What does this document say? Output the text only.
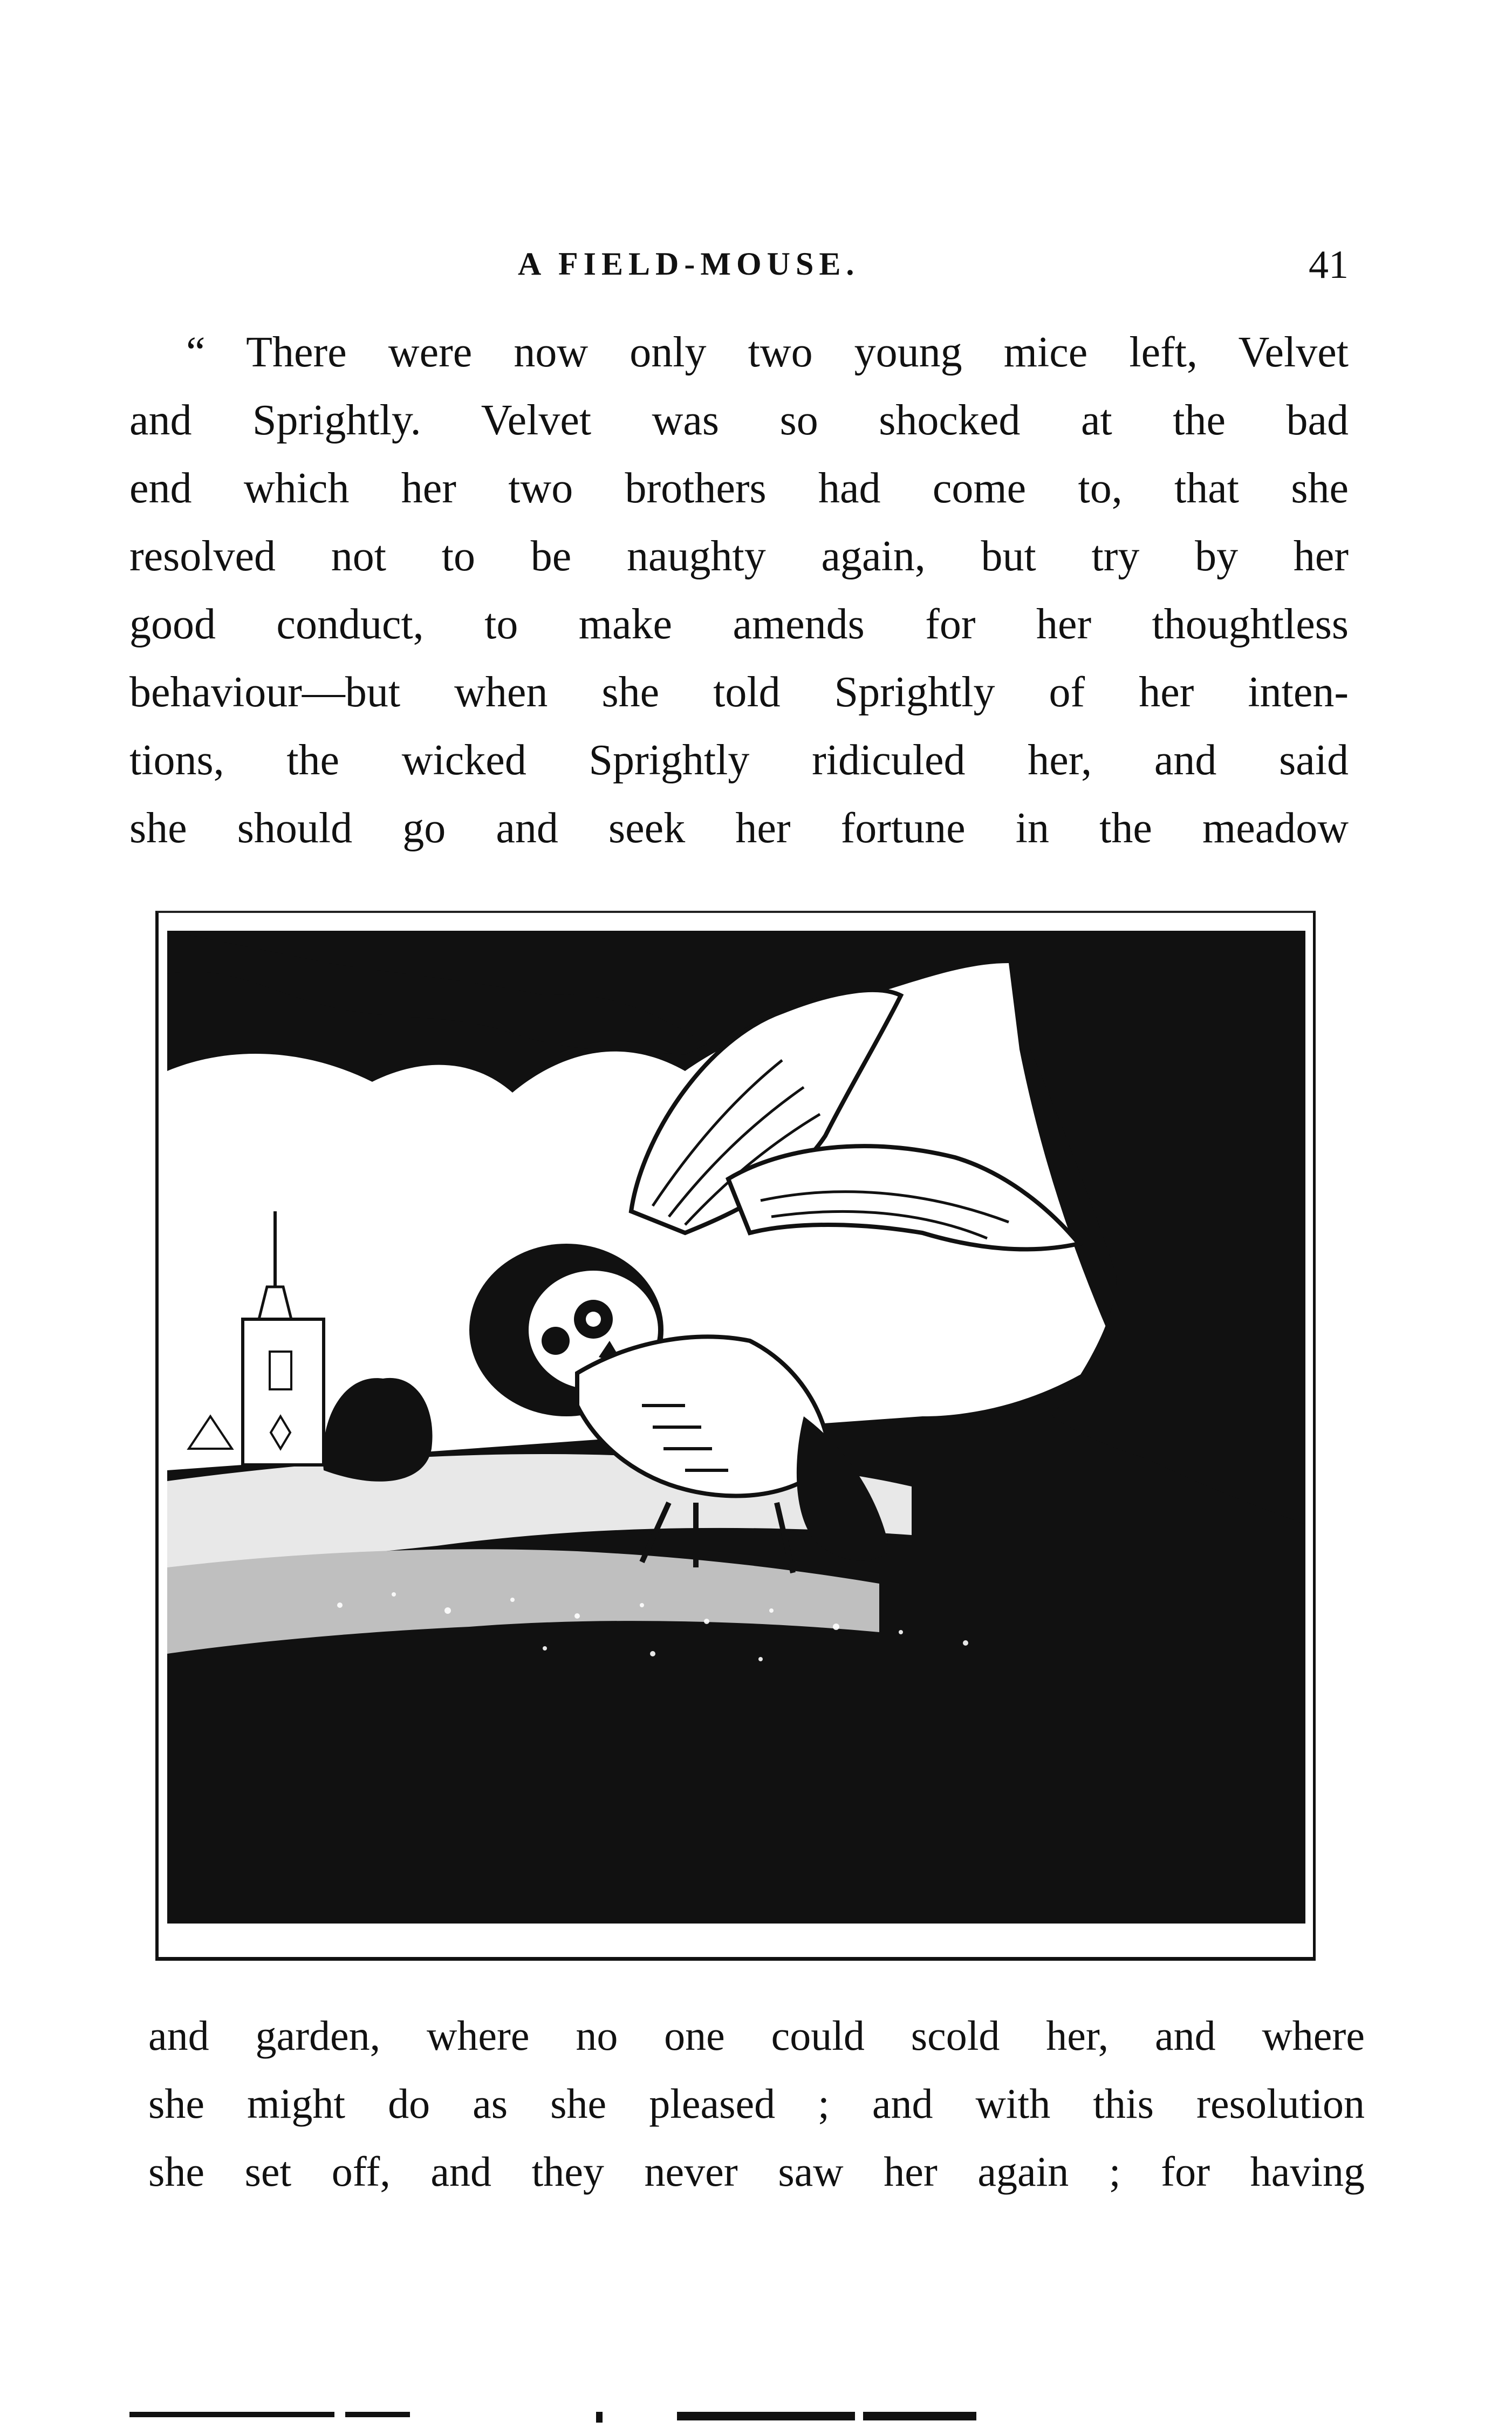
A FIELD-MOUSE.	41
“ There were now only two young mice left, Velvet
and Sprightly. Velvet was so shocked at the bad
end which her two brothers had come to, that she
resolved not to be naughty again, but try by her
good conduct, to make amends for her thoughtless
behaviour—but when she told Sprightly of her inten-
tions, the wicked Sprightly ridiculed her, and said
she should go and seek her fortune in the meadow
and garden, where no one could scold her, and where
she might do as she pleased ; and with this resolution
she set off, and they never saw her again ; for having
